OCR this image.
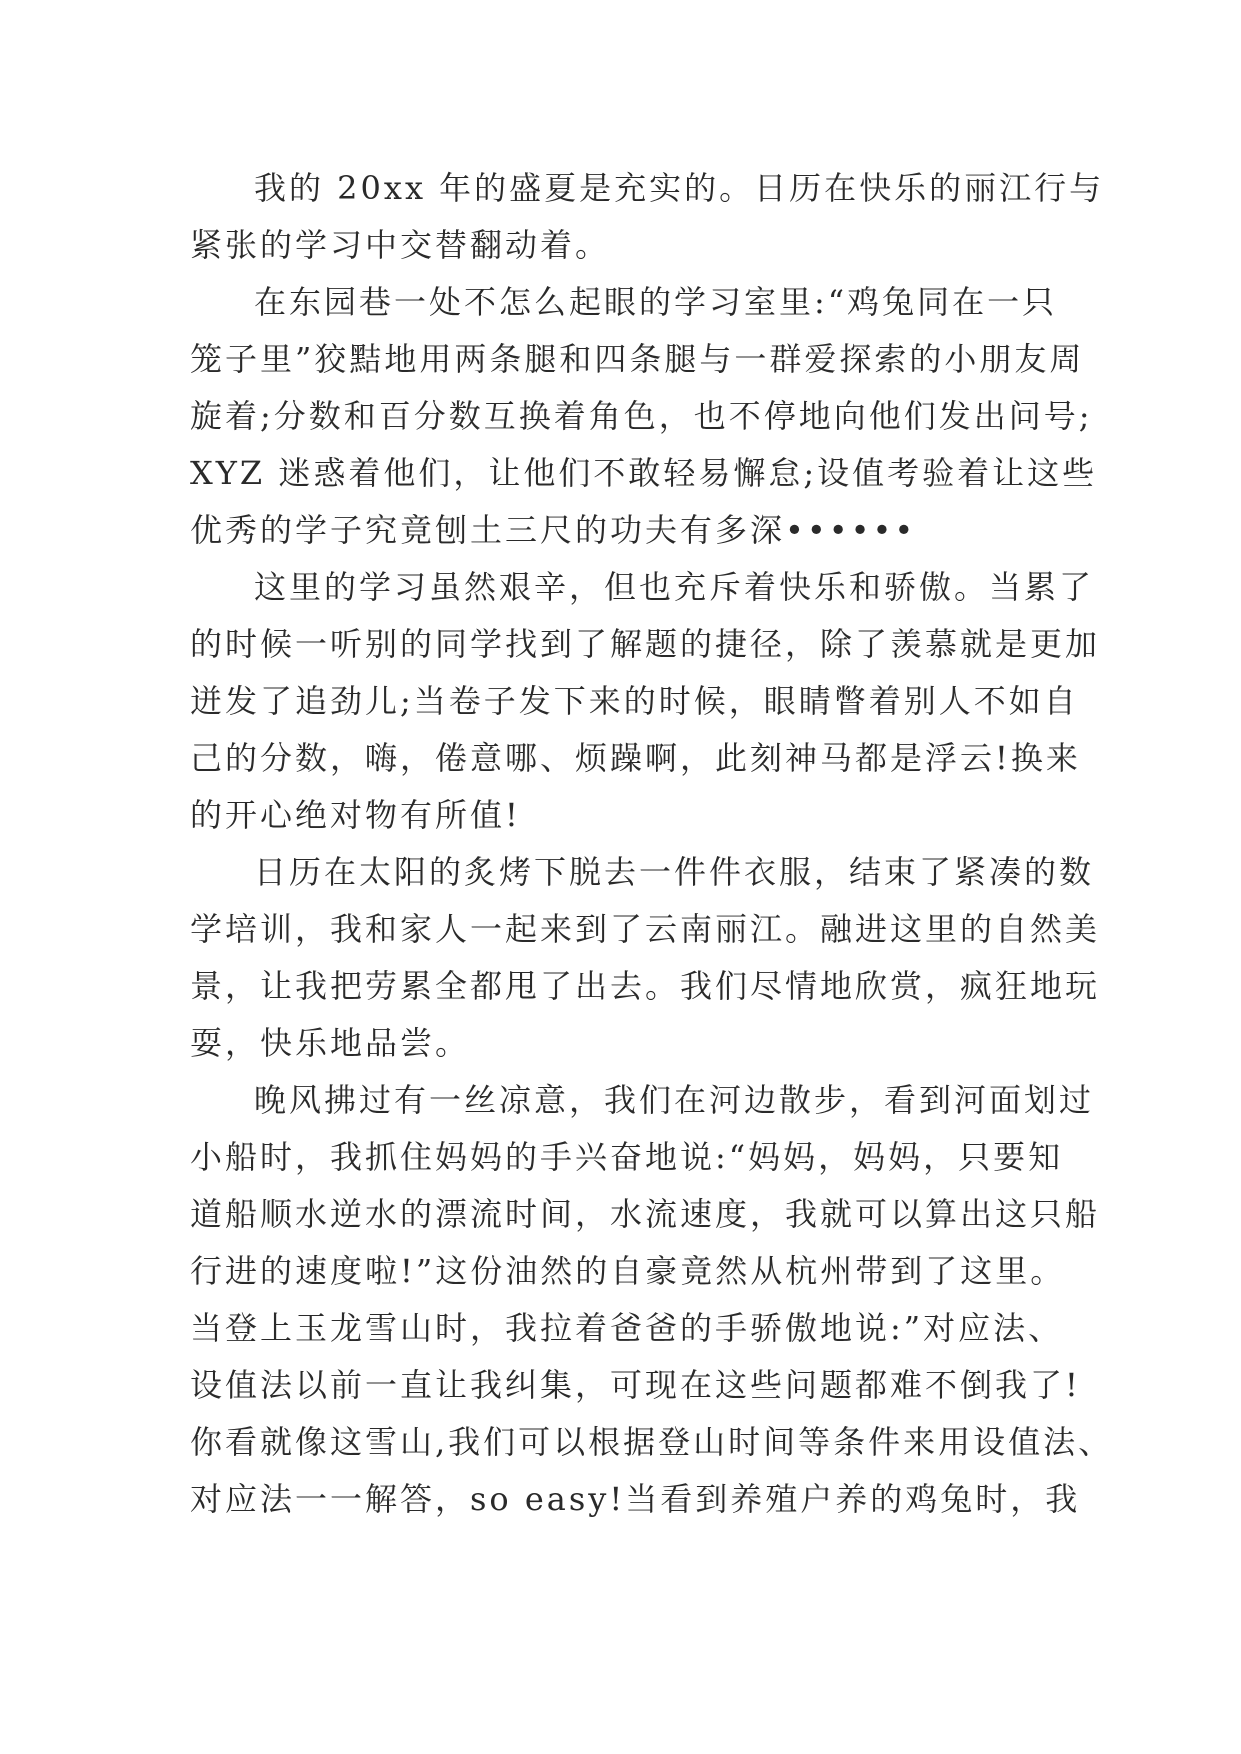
我的 20xx 年的盛夏是充实的。日历在快乐的丽江行与
紧张的学习中交替翻动着。
在东园巷一处不怎么起眼的学习室里:“鸡兔同在一只
笼子里”狡黠地用两条腿和四条腿与一群爱探索的小朋友周
旋着;分数和百分数互换着角色，也不停地向他们发出问号;
XYZ 迷惑着他们，让他们不敢轻易懈怠;设值考验着让这些
优秀的学子究竟刨土三尺的功夫有多深••••••
这里的学习虽然艰辛，但也充斥着快乐和骄傲。当累了
的时候一听别的同学找到了解题的捷径，除了羡慕就是更加
迸发了追劲儿;当卷子发下来的时候，眼睛瞥着别人不如自
己的分数，嗨，倦意哪、烦躁啊，此刻神马都是浮云!换来
的开心绝对物有所值!
日历在太阳的炙烤下脱去一件件衣服，结束了紧凑的数
学培训，我和家人一起来到了云南丽江。融进这里的自然美
景，让我把劳累全都甩了出去。我们尽情地欣赏，疯狂地玩
耍，快乐地品尝。
晚风拂过有一丝凉意，我们在河边散步，看到河面划过
小船时，我抓住妈妈的手兴奋地说:“妈妈，妈妈，只要知
道船顺水逆水的漂流时间，水流速度，我就可以算出这只船
行进的速度啦!”这份油然的自豪竟然从杭州带到了这里。
当登上玉龙雪山时，我拉着爸爸的手骄傲地说:”对应法、
设值法以前一直让我纠集，可现在这些问题都难不倒我了!
你看就像这雪山,我们可以根据登山时间等条件来用设值法、
对应法一一解答，so easy!当看到养殖户养的鸡兔时，我
